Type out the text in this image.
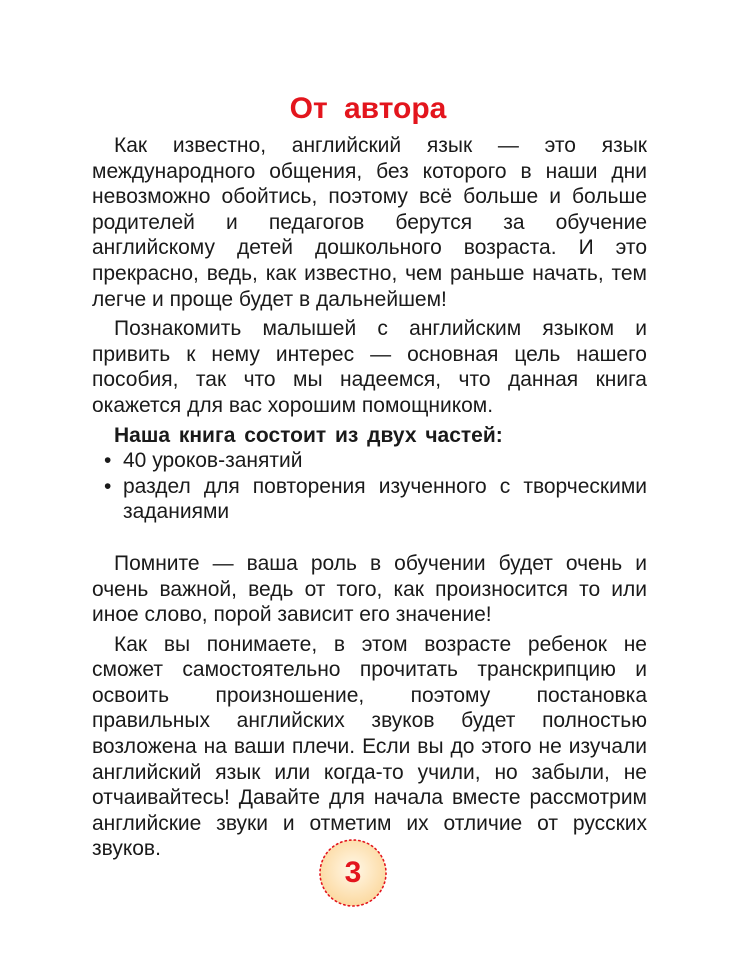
От автора

Как известно, английский язык — это язык международного общения, без которого в наши дни невозможно обойтись, поэтому всё больше и больше родителей и педагогов берутся за обучение английскому детей дошкольного возраста. И это прекрасно, ведь, как известно, чем раньше начать, тем легче и проще будет в дальнейшем!

Познакомить малышей с английским языком и привить к нему интерес — основная цель нашего пособия, так что мы надеемся, что данная книга окажется для вас хорошим помощником.

Наша книга состоит из двух частей:

• 40 уроков-занятий
• раздел для повторения изученного с творческими заданиями

Помните — ваша роль в обучении будет очень и очень важной, ведь от того, как произносится то или иное слово, порой зависит его значение!

Как вы понимаете, в этом возрасте ребенок не сможет самостоятельно прочитать транскрипцию и освоить произношение, поэтому постановка правильных английских звуков будет полностью возложена на ваши плечи. Если вы до этого не изучали английский язык или когда-то учили, но забыли, не отчаивайтесь! Давайте для начала вместе рассмотрим английские звуки и отметим их отличие от русских звуков.

3
